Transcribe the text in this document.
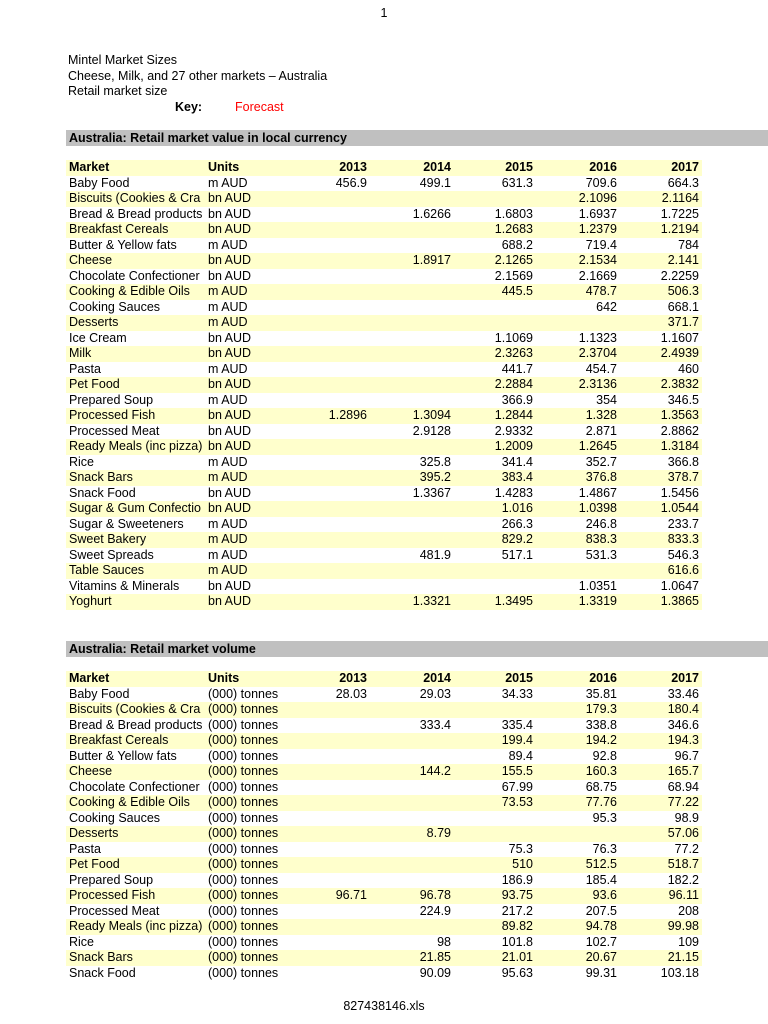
1
Mintel Market Sizes
Cheese, Milk, and 27 other markets – Australia
Retail market size
Key:	Forecast
Australia: Retail market value in local currency
Market	Units	2013	2014	2015	2016	2017
Baby Food	m AUD	456.9	499.1	631.3	709.6	664.3
Biscuits (Cookies & Cra	bn AUD				2.1096	2.1164
Bread & Bread products	bn AUD		1.6266	1.6803	1.6937	1.7225
Breakfast Cereals	bn AUD			1.2683	1.2379	1.2194
Butter & Yellow fats	m AUD			688.2	719.4	784
Cheese	bn AUD		1.8917	2.1265	2.1534	2.141
Chocolate Confectioner	bn AUD			2.1569	2.1669	2.2259
Cooking & Edible Oils	m AUD			445.5	478.7	506.3
Cooking Sauces	m AUD				642	668.1
Desserts	m AUD					371.7
Ice Cream	bn AUD			1.1069	1.1323	1.1607
Milk	bn AUD			2.3263	2.3704	2.4939
Pasta	m AUD			441.7	454.7	460
Pet Food	bn AUD			2.2884	2.3136	2.3832
Prepared Soup	m AUD			366.9	354	346.5
Processed Fish	bn AUD	1.2896	1.3094	1.2844	1.328	1.3563
Processed Meat	bn AUD		2.9128	2.9332	2.871	2.8862
Ready Meals (inc pizza)	bn AUD			1.2009	1.2645	1.3184
Rice	m AUD		325.8	341.4	352.7	366.8
Snack Bars	m AUD		395.2	383.4	376.8	378.7
Snack Food	bn AUD		1.3367	1.4283	1.4867	1.5456
Sugar & Gum Confectio	bn AUD			1.016	1.0398	1.0544
Sugar & Sweeteners	m AUD			266.3	246.8	233.7
Sweet Bakery	m AUD			829.2	838.3	833.3
Sweet Spreads	m AUD		481.9	517.1	531.3	546.3
Table Sauces	m AUD					616.6
Vitamins & Minerals	bn AUD				1.0351	1.0647
Yoghurt	bn AUD		1.3321	1.3495	1.3319	1.3865
Australia: Retail market volume
Market	Units	2013	2014	2015	2016	2017
Baby Food	(000) tonnes	28.03	29.03	34.33	35.81	33.46
Biscuits (Cookies & Cra	(000) tonnes				179.3	180.4
Bread & Bread products	(000) tonnes		333.4	335.4	338.8	346.6
Breakfast Cereals	(000) tonnes			199.4	194.2	194.3
Butter & Yellow fats	(000) tonnes			89.4	92.8	96.7
Cheese	(000) tonnes		144.2	155.5	160.3	165.7
Chocolate Confectioner	(000) tonnes			67.99	68.75	68.94
Cooking & Edible Oils	(000) tonnes			73.53	77.76	77.22
Cooking Sauces	(000) tonnes				95.3	98.9
Desserts	(000) tonnes		8.79			57.06
Pasta	(000) tonnes			75.3	76.3	77.2
Pet Food	(000) tonnes			510	512.5	518.7
Prepared Soup	(000) tonnes			186.9	185.4	182.2
Processed Fish	(000) tonnes	96.71	96.78	93.75	93.6	96.11
Processed Meat	(000) tonnes		224.9	217.2	207.5	208
Ready Meals (inc pizza)	(000) tonnes			89.82	94.78	99.98
Rice	(000) tonnes		98	101.8	102.7	109
Snack Bars	(000) tonnes		21.85	21.01	20.67	21.15
Snack Food	(000) tonnes		90.09	95.63	99.31	103.18
827438146.xls
